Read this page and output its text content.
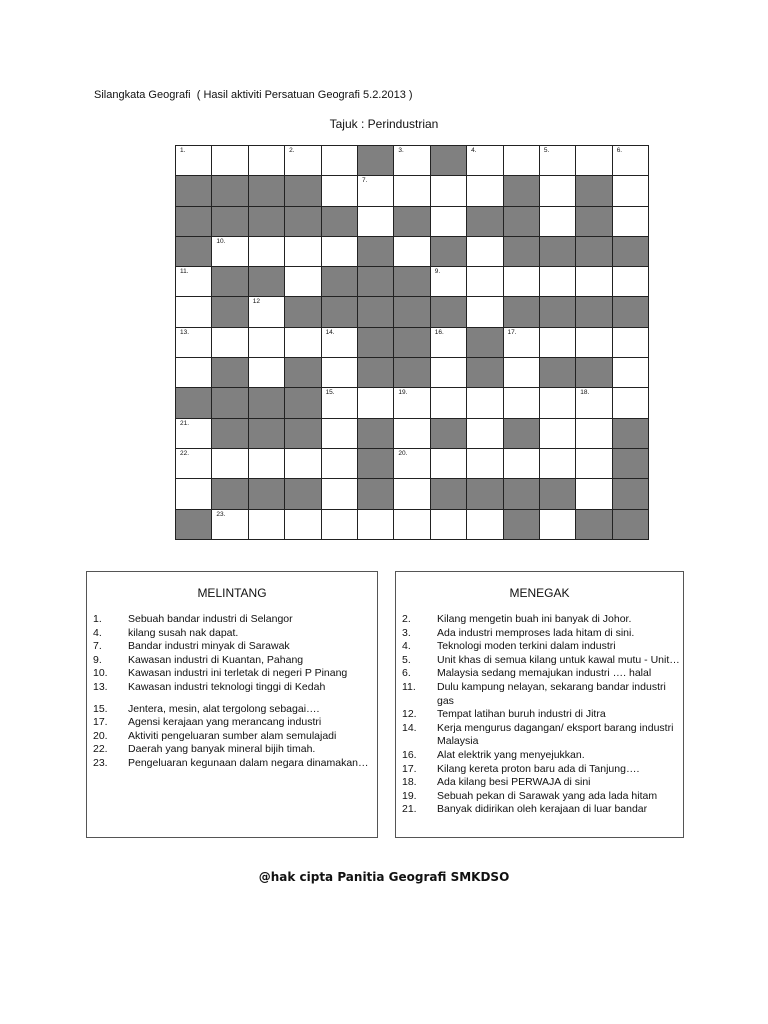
Silangkata Geografi  ( Hasil aktiviti Persatuan Geografi 5.2.2013 )
Tajuk : Perindustrian
1.	2.	3.	4.	5.	6.
7.
10.
11.	9.
12
13.	14.	16.	17.
15.	19.	18.
21.
22.	20.
23.
MELINTANG
1.	Sebuah bandar industri di Selangor
4.	kilang susah nak dapat.
7.	Bandar industri minyak di Sarawak
9.	Kawasan industri di Kuantan, Pahang
10.	Kawasan industri ini terletak di negeri P Pinang
13.	Kawasan industri teknologi tinggi di Kedah
15.	Jentera, mesin, alat tergolong sebagai….
17.	Agensi kerajaan yang merancang industri
20.	Aktiviti pengeluaran sumber alam semulajadi
22.	Daerah yang banyak mineral bijih timah.
23.	Pengeluaran kegunaan dalam negara dinamakan…
MENEGAK
2.	Kilang mengetin buah ini banyak di Johor.
3.	Ada industri memproses lada hitam di sini.
4.	Teknologi moden terkini dalam industri
5.	Unit khas di semua kilang untuk kawal mutu - Unit…
6.	Malaysia sedang memajukan industri …. halal
11.	Dulu kampung nelayan, sekarang bandar industri gas
12.	Tempat latihan buruh industri di Jitra
14.	Kerja mengurus dagangan/ eksport barang industri Malaysia
16.	Alat elektrik yang menyejukkan.
17.	Kilang kereta proton baru ada di Tanjung….
18.	Ada kilang besi PERWAJA di sini
19.	Sebuah pekan di Sarawak yang ada lada hitam
21.	Banyak didirikan oleh kerajaan di luar bandar
@hak cipta Panitia Geografi SMKDSO
